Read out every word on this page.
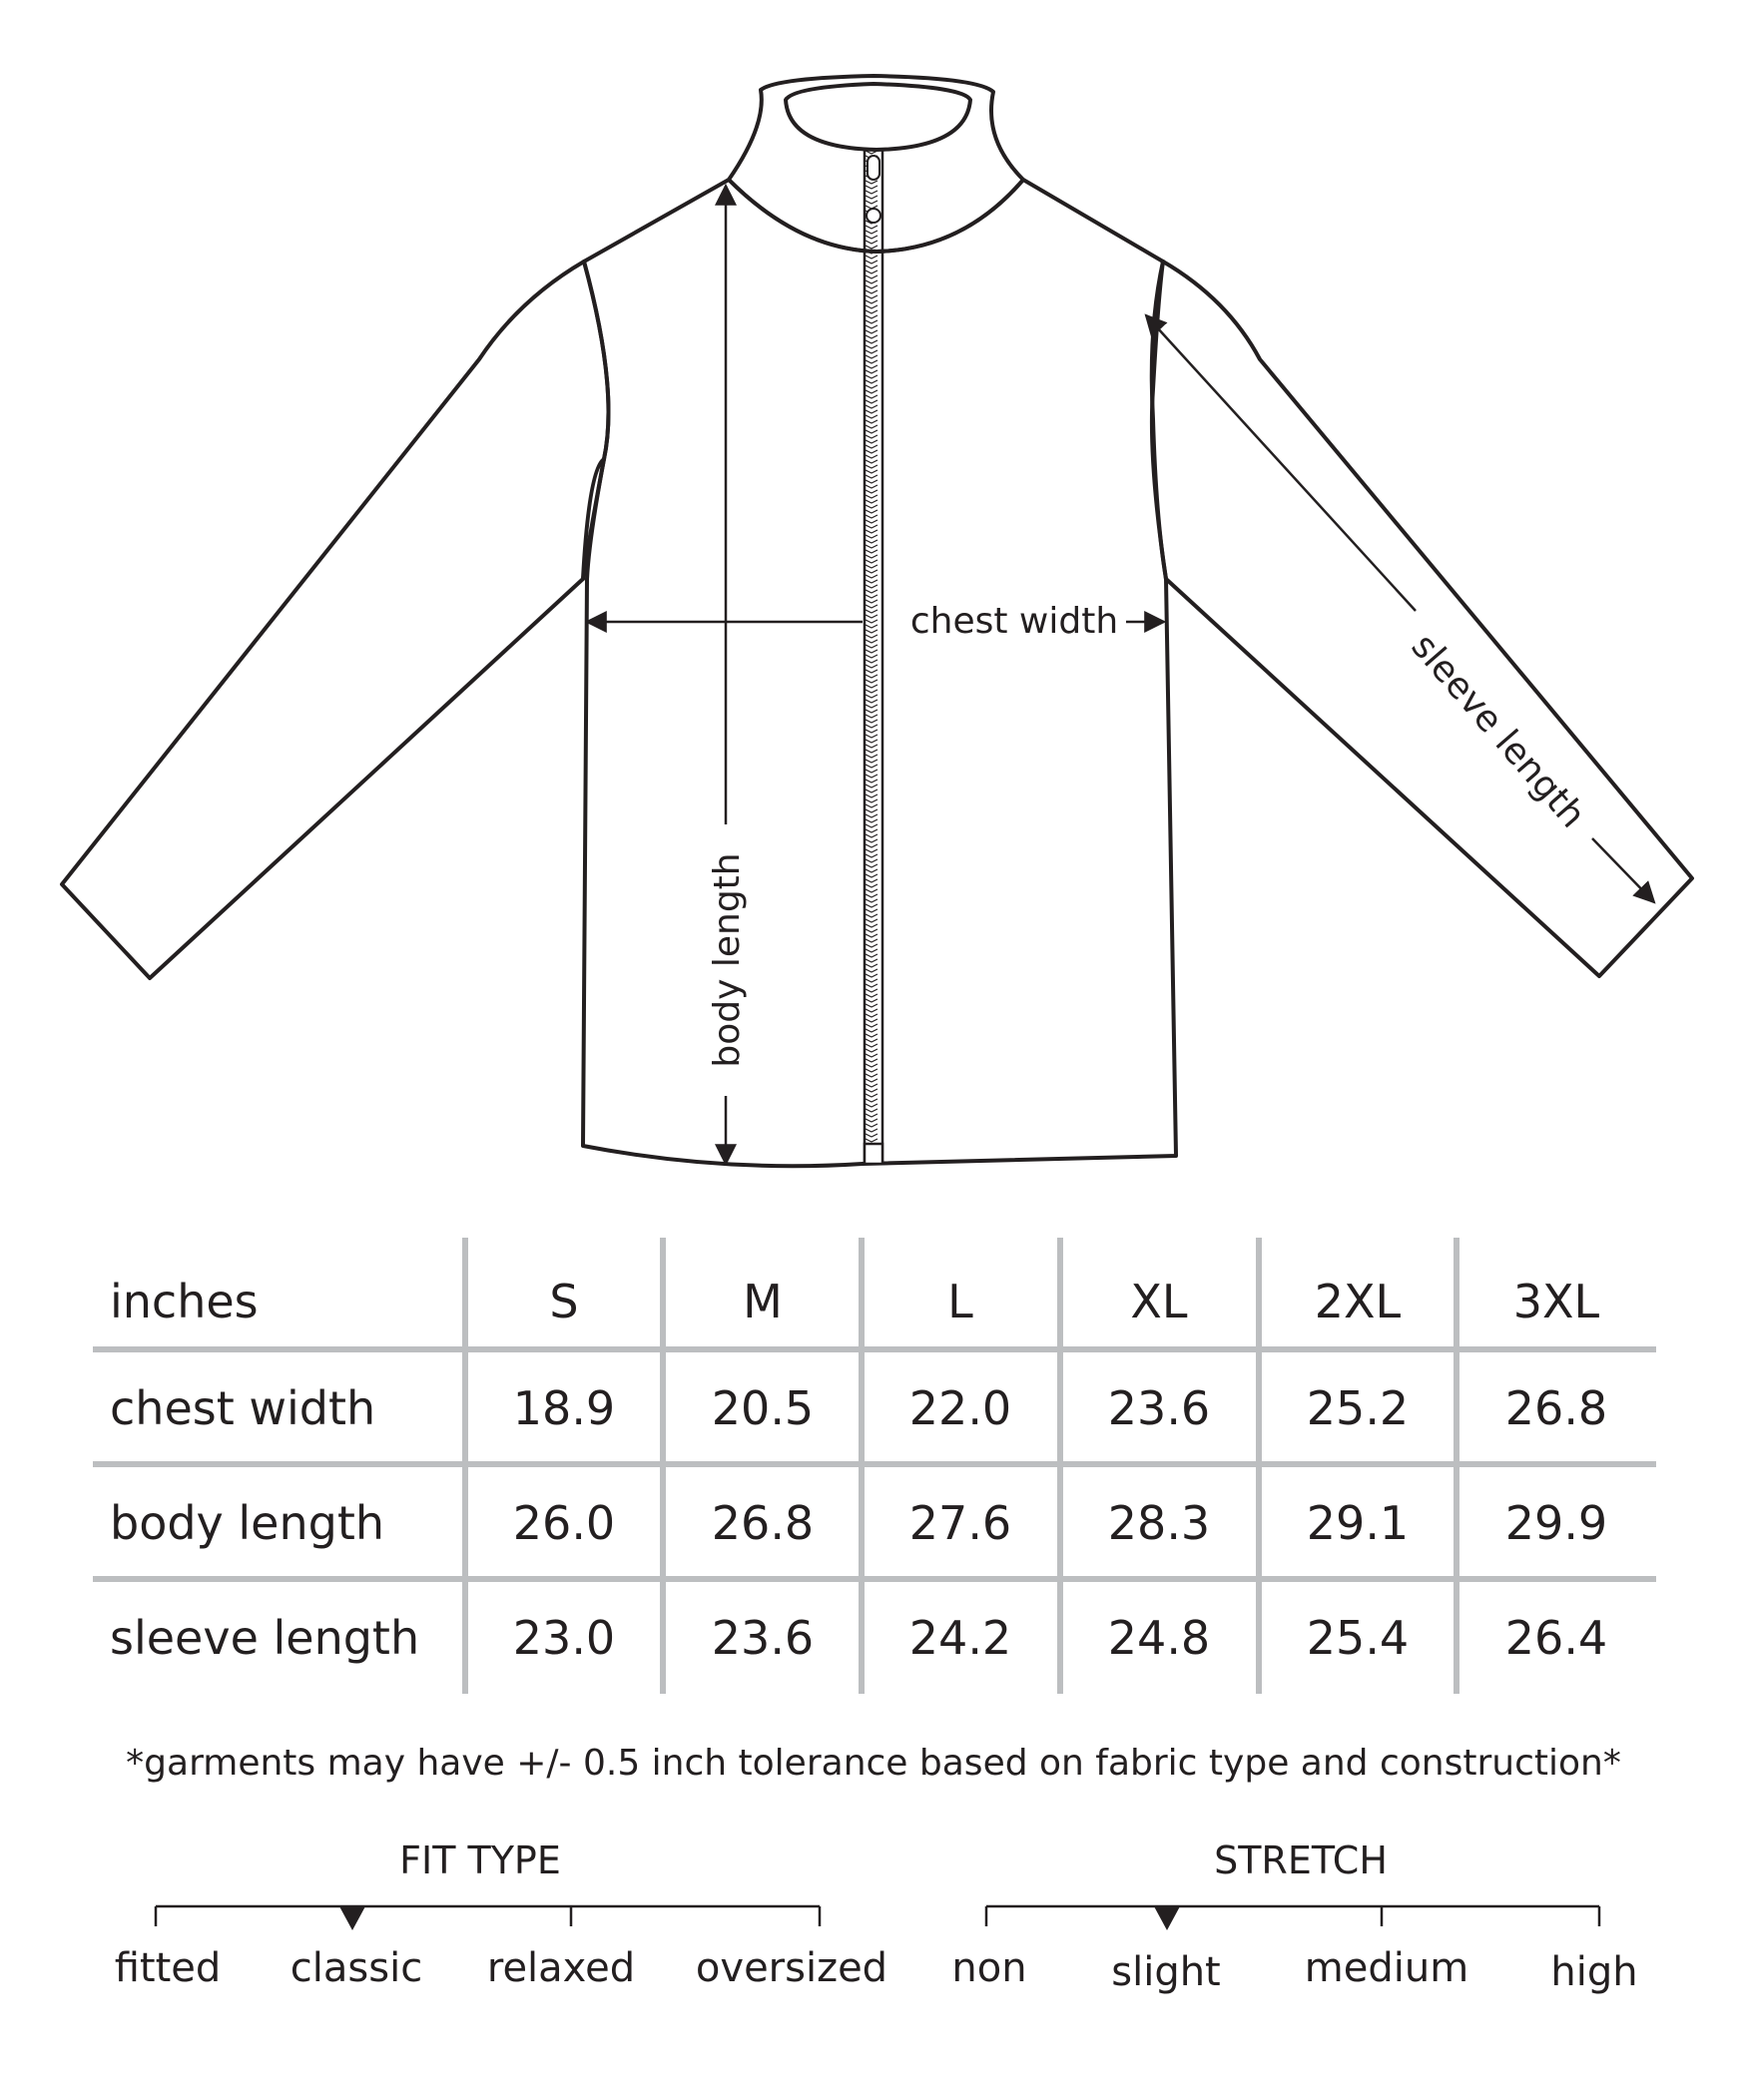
chest width
body length
sleeve length
inches	S	M	L	XL	2XL 3XL
chest width	18.9 20.5 22.0 23.6 25.2 26.8
body length	26.0 26.8 27.6 28.3 29.1 29.9
sleeve length 23.0 23.6 24.2 24.8 25.4 26.4
*garments may have +/- 0.5 inch tolerance based on fabric type and construction*
FIT TYPE
fitted classic relaxed oversized
STRETCH
non slight medium high
